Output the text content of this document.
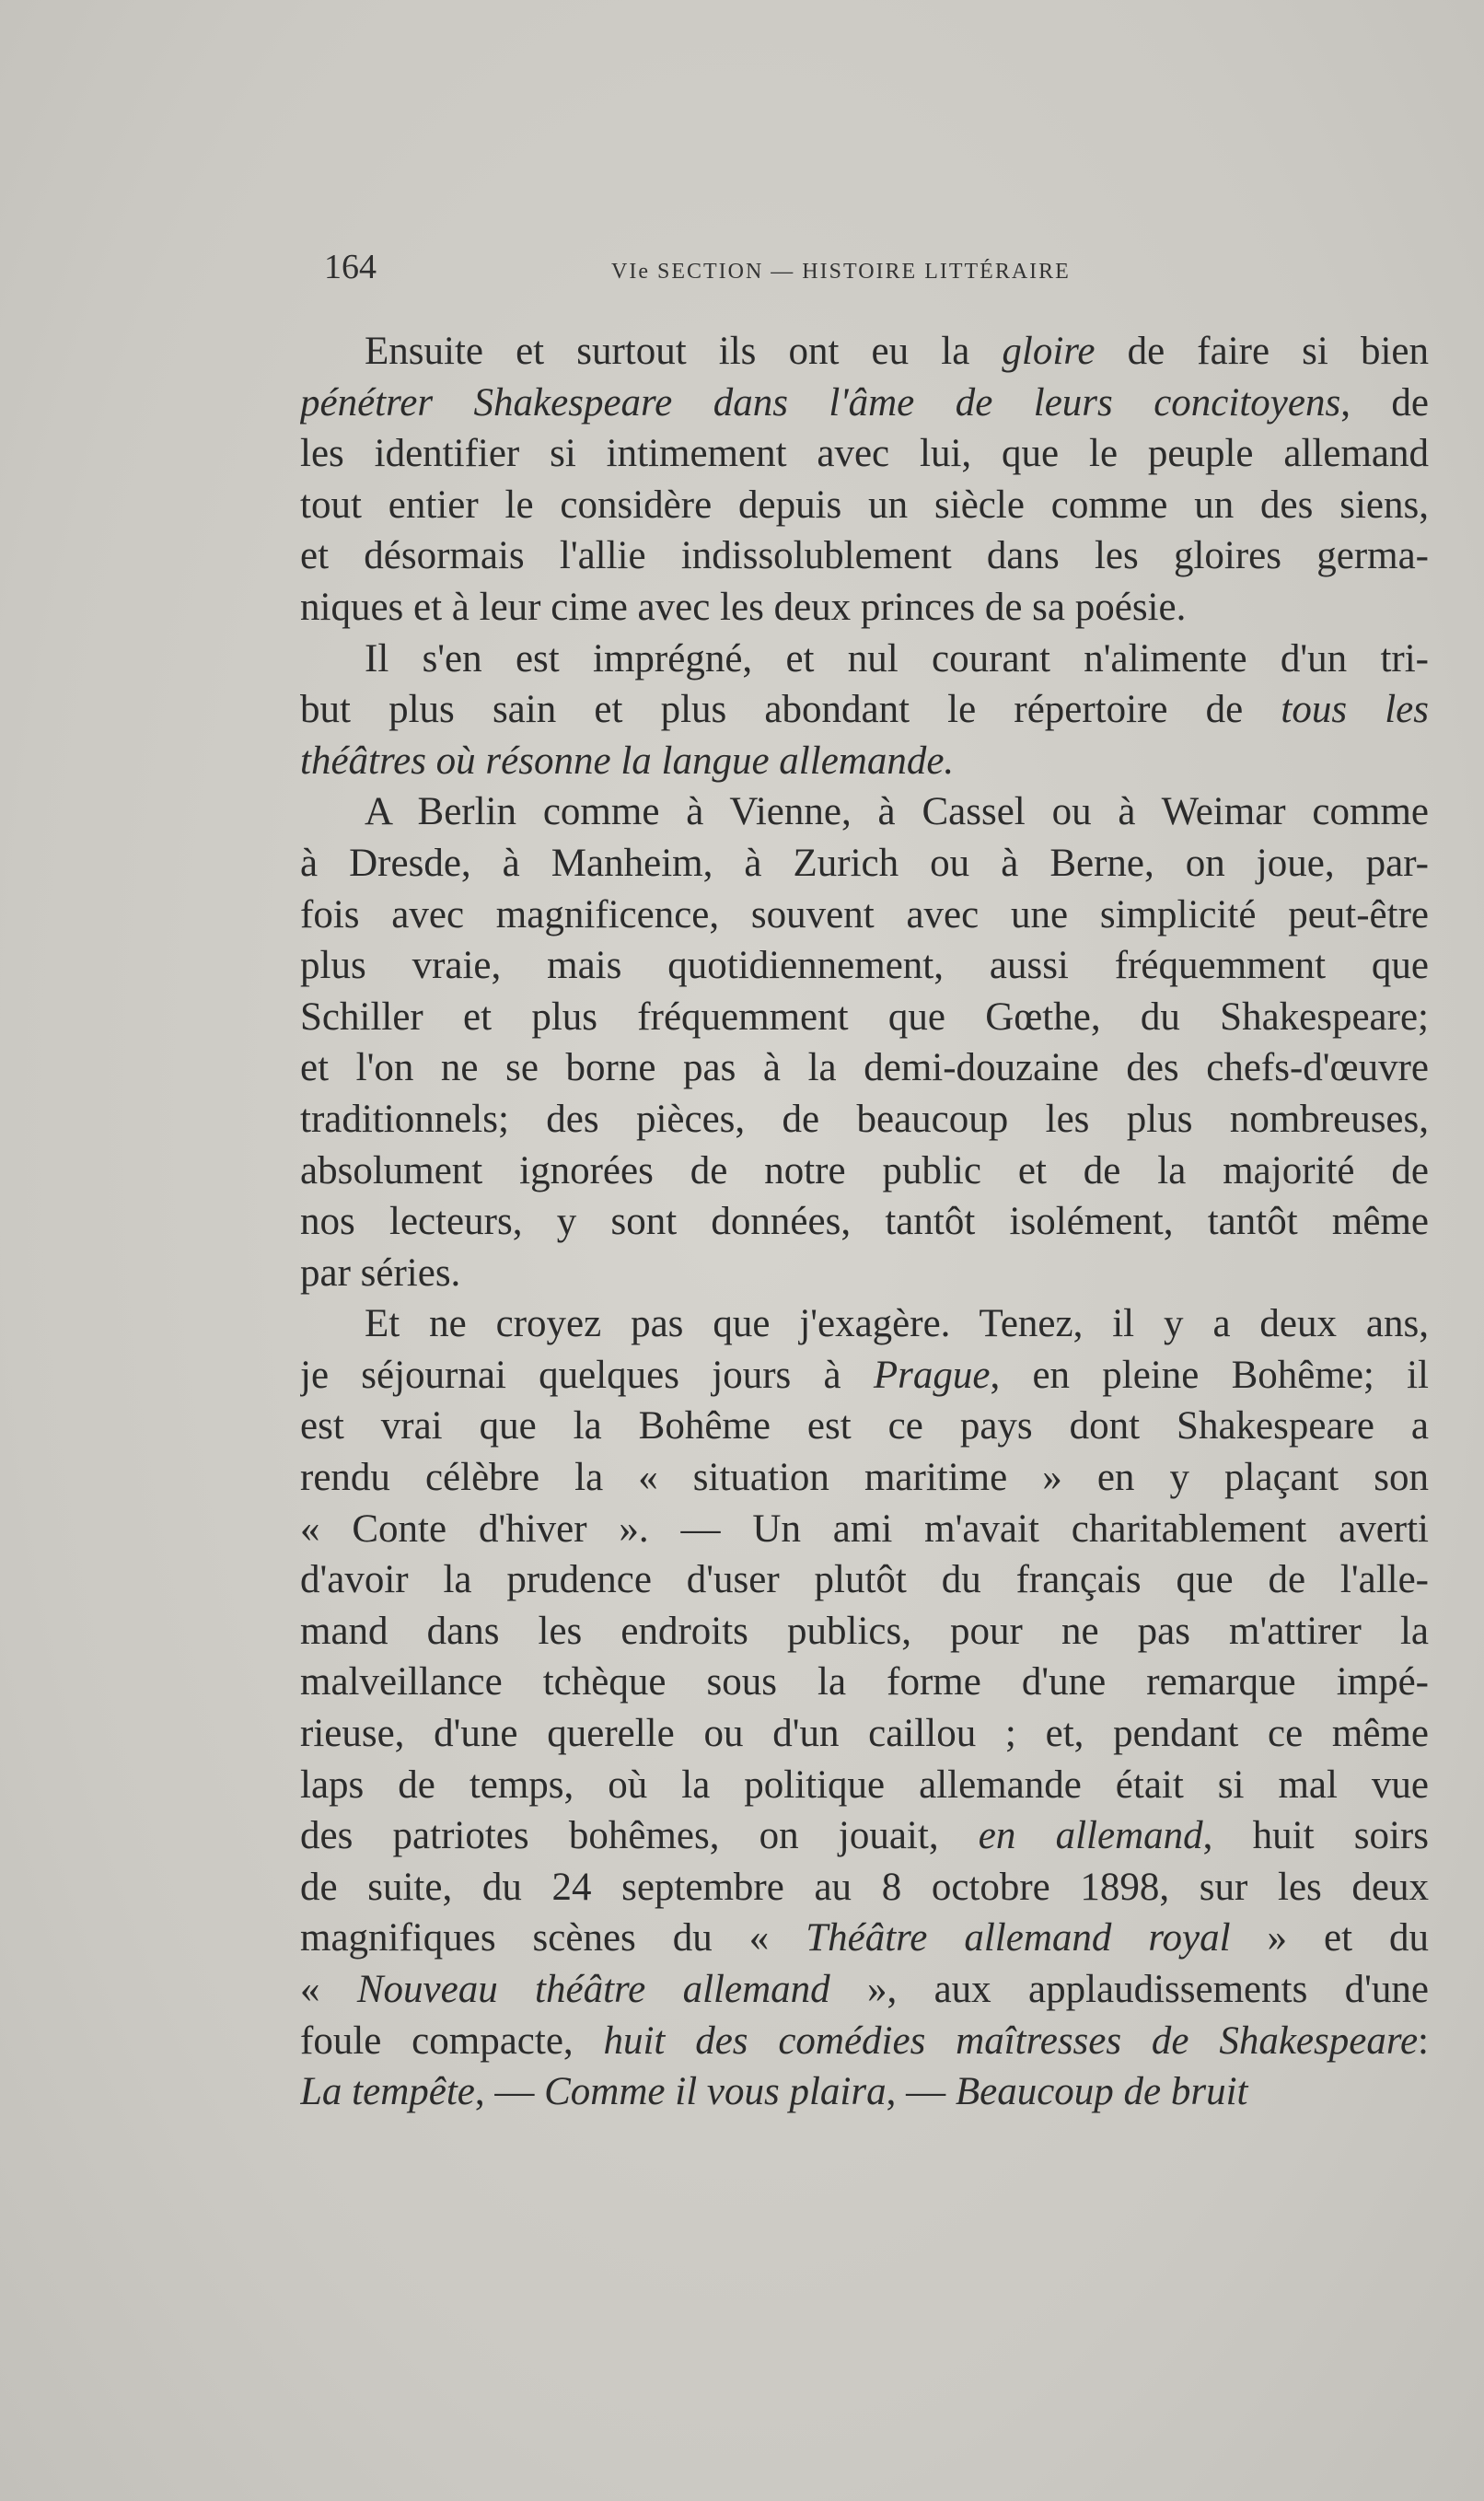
164	VIe SECTION — HISTOIRE LITTÉRAIRE
Ensuite et surtout ils ont eu la gloire de faire si bien
pénétrer Shakespeare dans l'âme de leurs concitoyens, de
les identifier si intimement avec lui, que le peuple allemand
tout entier le considère depuis un siècle comme un des siens,
et désormais l'allie indissolublement dans les gloires germa-
niques et à leur cime avec les deux princes de sa poésie.
Il s'en est imprégné, et nul courant n'alimente d'un tri-
but plus sain et plus abondant le répertoire de tous les
théâtres où résonne la langue allemande.
A Berlin comme à Vienne, à Cassel ou à Weimar comme
à Dresde, à Manheim, à Zurich ou à Berne, on joue, par-
fois avec magnificence, souvent avec une simplicité peut-être
plus vraie, mais quotidiennement, aussi fréquemment que
Schiller et plus fréquemment que Gœthe, du Shakespeare;
et l'on ne se borne pas à la demi-douzaine des chefs-d'œuvre
traditionnels; des pièces, de beaucoup les plus nombreuses,
absolument ignorées de notre public et de la majorité de
nos lecteurs, y sont données, tantôt isolément, tantôt même
par séries.
Et ne croyez pas que j'exagère. Tenez, il y a deux ans,
je séjournai quelques jours à Prague, en pleine Bohême; il
est vrai que la Bohême est ce pays dont Shakespeare a
rendu célèbre la « situation maritime » en y plaçant son
« Conte d'hiver ». — Un ami m'avait charitablement averti
d'avoir la prudence d'user plutôt du français que de l'alle-
mand dans les endroits publics, pour ne pas m'attirer la
malveillance tchèque sous la forme d'une remarque impé-
rieuse, d'une querelle ou d'un caillou ; et, pendant ce même
laps de temps, où la politique allemande était si mal vue
des patriotes bohêmes, on jouait, en allemand, huit soirs
de suite, du 24 septembre au 8 octobre 1898, sur les deux
magnifiques scènes du « Théâtre allemand royal » et du
« Nouveau théâtre allemand », aux applaudissements d'une
foule compacte, huit des comédies maîtresses de Shakespeare:
La tempête, — Comme il vous plaira, — Beaucoup de bruit
